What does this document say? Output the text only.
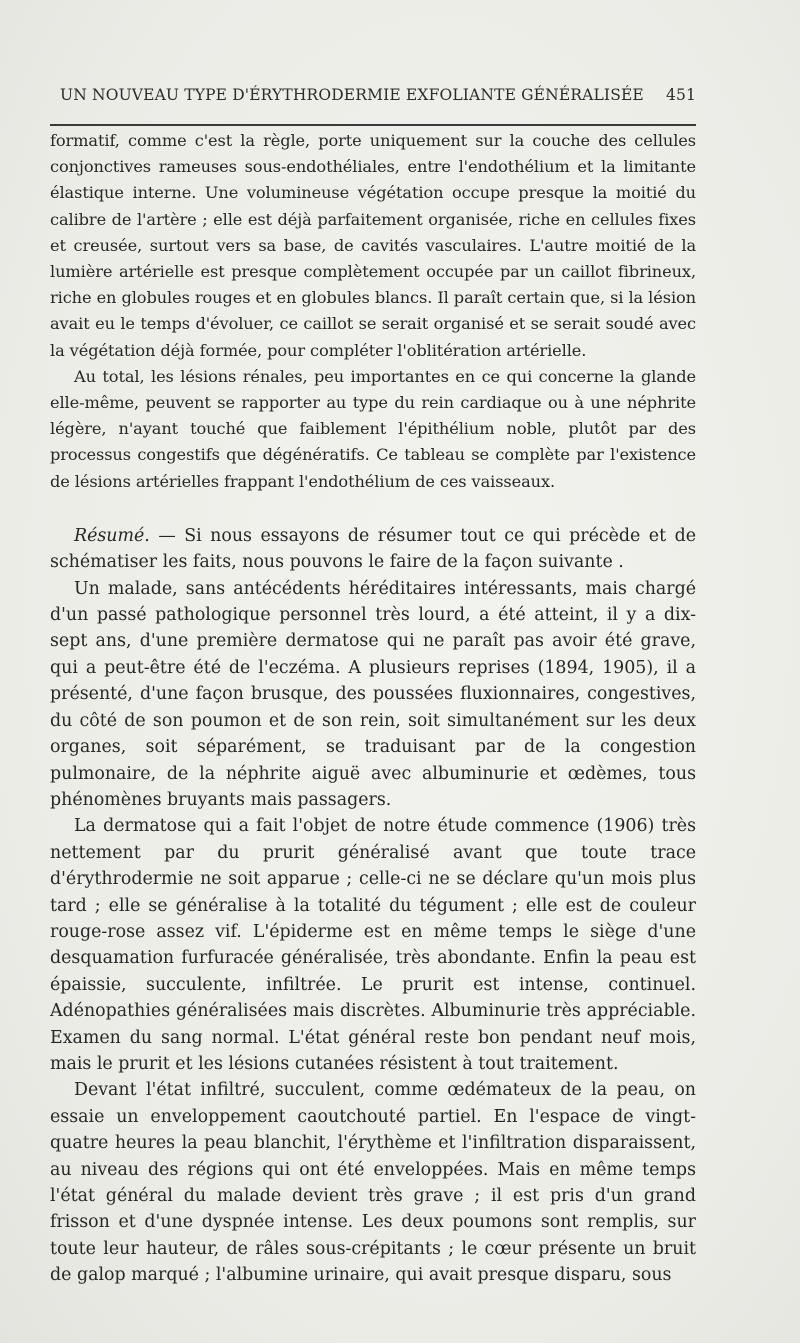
UN NOUVEAU TYPE D'ÉRYTHRODERMIE EXFOLIANTE GÉNÉRALISÉE 451

formatif, comme c'est la règle, porte uniquement sur la couche des cellules conjonctives rameuses sous-endothéliales, entre l'endothélium et la limitante élastique interne. Une volumineuse végétation occupe presque la moitié du calibre de l'artère ; elle est déjà parfaitement organisée, riche en cellules fixes et creusée, surtout vers sa base, de cavités vasculaires. L'autre moitié de la lumière artérielle est presque complètement occupée par un caillot fibrineux, riche en globules rouges et en globules blancs. Il paraît certain que, si la lésion avait eu le temps d'évoluer, ce caillot se serait organisé et se serait soudé avec la végétation déjà formée, pour compléter l'oblitération artérielle.

Au total, les lésions rénales, peu importantes en ce qui concerne la glande elle-même, peuvent se rapporter au type du rein cardiaque ou à une néphrite légère, n'ayant touché que faiblement l'épithélium noble, plutôt par des processus congestifs que dégénératifs. Ce tableau se complète par l'existence de lésions artérielles frappant l'endothélium de ces vaisseaux.

Résumé. — Si nous essayons de résumer tout ce qui précède et de schématiser les faits, nous pouvons le faire de la façon suivante .

Un malade, sans antécédents héréditaires intéressants, mais chargé d'un passé pathologique personnel très lourd, a été atteint, il y a dix-sept ans, d'une première dermatose qui ne paraît pas avoir été grave, qui a peut-être été de l'eczéma. A plusieurs reprises (1894, 1905), il a présenté, d'une façon brusque, des poussées fluxionnaires, congestives, du côté de son poumon et de son rein, soit simultanément sur les deux organes, soit séparément, se traduisant par de la congestion pulmonaire, de la néphrite aiguë avec albuminurie et œdèmes, tous phénomènes bruyants mais passagers.

La dermatose qui a fait l'objet de notre étude commence (1906) très nettement par du prurit généralisé avant que toute trace d'érythrodermie ne soit apparue ; celle-ci ne se déclare qu'un mois plus tard ; elle se généralise à la totalité du tégument ; elle est de couleur rouge-rose assez vif. L'épiderme est en même temps le siège d'une desquamation furfuracée généralisée, très abondante. Enfin la peau est épaissie, succulente, infiltrée. Le prurit est intense, continuel. Adénopathies généralisées mais discrètes. Albuminurie très appréciable. Examen du sang normal. L'état général reste bon pendant neuf mois, mais le prurit et les lésions cutanées résistent à tout traitement.

Devant l'état infiltré, succulent, comme œdémateux de la peau, on essaie un enveloppement caoutchouté partiel. En l'espace de vingt-quatre heures la peau blanchit, l'érythème et l'infiltration disparaissent, au niveau des régions qui ont été enveloppées. Mais en même temps l'état général du malade devient très grave ; il est pris d'un grand frisson et d'une dyspnée intense. Les deux poumons sont remplis, sur toute leur hauteur, de râles sous-crépitants ; le cœur présente un bruit de galop marqué ; l'albumine urinaire, qui avait presque disparu, sous
